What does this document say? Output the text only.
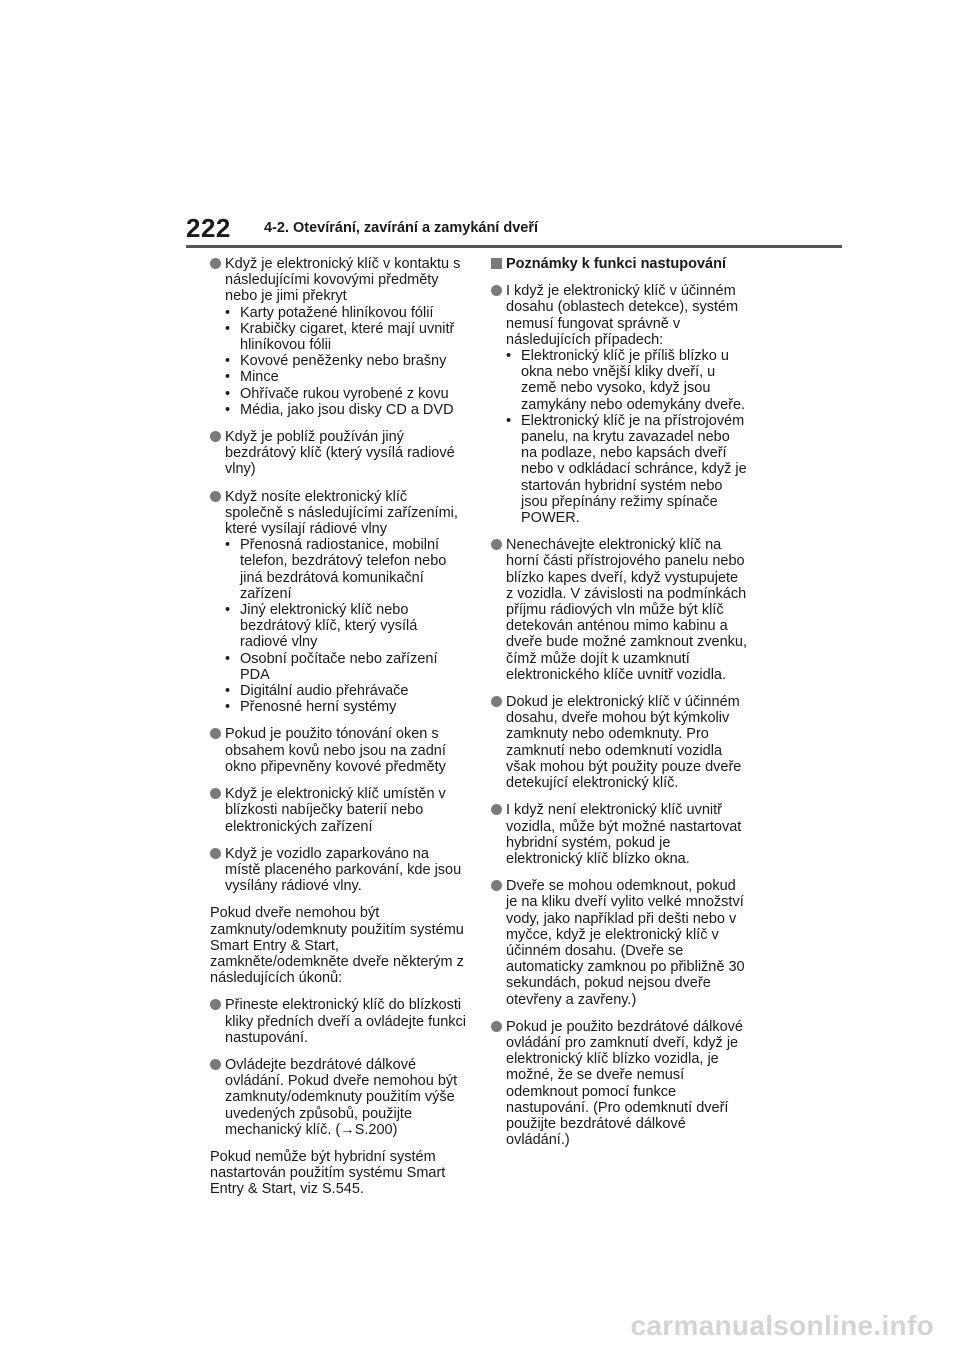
222 4-2. Otevírání, zavírání a zamykání dveří
Když je elektronický klíč v kontaktu s následujícími kovovými předměty nebo je jimi překryt
• Karty potažené hliníkovou fólií
• Krabičky cigaret, které mají uvnitř hliníkovou fólii
• Kovové peněženky nebo brašny
• Mince
• Ohřívače rukou vyrobené z kovu
• Média, jako jsou disky CD a DVD
Když je poblíž používán jiný bezdrátový klíč (který vysílá radiové vlny)
Když nosíte elektronický klíč společně s následujícími zařízeními, které vysílají rádiové vlny
• Přenosná radiostanice, mobilní telefon, bezdrátový telefon nebo jiná bezdrátová komunikační zařízení
• Jiný elektronický klíč nebo bezdrátový klíč, který vysílá radiové vlny
• Osobní počítače nebo zařízení PDA
• Digitální audio přehrávače
• Přenosné herní systémy
Pokud je použito tónování oken s obsahem kovů nebo jsou na zadní okno připevněny kovové předměty
Když je elektronický klíč umístěn v blízkosti nabíječky baterií nebo elektronických zařízení
Když je vozidlo zaparkováno na místě placeného parkování, kde jsou vysílány rádiové vlny.
Pokud dveře nemohou být zamknuty/odemknuty použitím systému Smart Entry & Start, zamkněte/odemkněte dveře některým z následujících úkonů:
Přineste elektronický klíč do blízkosti kliky předních dveří a ovládejte funkci nastupování.
Ovládejte bezdrátové dálkové ovládání. Pokud dveře nemohou být zamknuty/odemknuty použitím výše uvedených způsobů, použijte mechanický klíč. (→S.200)
Pokud nemůže být hybridní systém nastartován použitím systému Smart Entry & Start, viz S.545.
Poznámky k funkci nastupování
I když je elektronický klíč v účinném dosahu (oblastech detekce), systém nemusí fungovat správně v následujících případech:
• Elektronický klíč je příliš blízko u okna nebo vnější kliky dveří, u země nebo vysoko, když jsou zamykány nebo odemykány dveře.
• Elektronický klíč je na přístrojovém panelu, na krytu zavazadel nebo na podlaze, nebo kapsách dveří nebo v odkládací schránce, když je startován hybridní systém nebo jsou přepínány režimy spínače POWER.
Nenechávejte elektronický klíč na horní části přístrojového panelu nebo blízko kapes dveří, když vystupujete z vozidla. V závislosti na podmínkách příjmu rádiových vln může být klíč detekován anténou mimo kabinu a dveře bude možné zamknout zvenku, čímž může dojít k uzamknutí elektronického klíče uvnitř vozidla.
Dokud je elektronický klíč v účinném dosahu, dveře mohou být kýmkoliv zamknuty nebo odemknuty. Pro zamknutí nebo odemknutí vozidla však mohou být použity pouze dveře detekující elektronický klíč.
I když není elektronický klíč uvnitř vozidla, může být možné nastartovat hybridní systém, pokud je elektronický klíč blízko okna.
Dveře se mohou odemknout, pokud je na kliku dveří vylito velké množství vody, jako například při dešti nebo v myčce, když je elektronický klíč v účinném dosahu. (Dveře se automaticky zamknou po přibližně 30 sekundách, pokud nejsou dveře otevřeny a zavřeny.)
Pokud je použito bezdrátové dálkové ovládání pro zamknutí dveří, když je elektronický klíč blízko vozidla, je možné, že se dveře nemusí odemknout pomocí funkce nastupování. (Pro odemknutí dveří použijte bezdrátové dálkové ovládání.)
carmanualsonline.info
